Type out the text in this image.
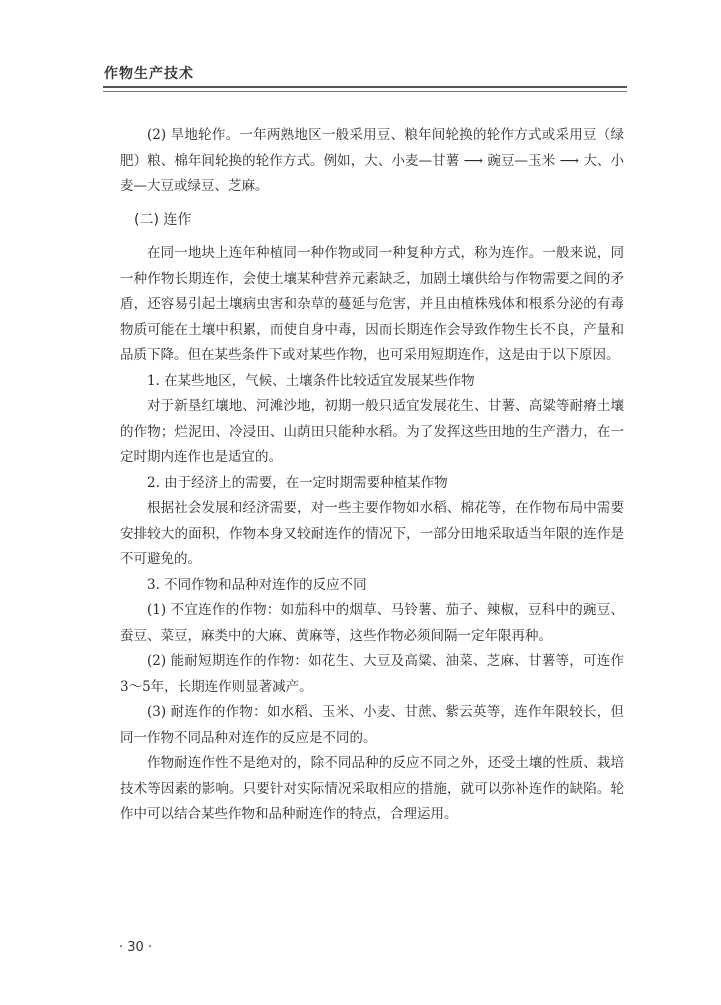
作物生产技术

(2) 旱地轮作。一年两熟地区一般采用豆、粮年间轮换的轮作方式或采用豆（绿肥）粮、棉年间轮换的轮作方式。例如，大、小麦—甘薯 ⟶ 豌豆—玉米 ⟶ 大、小麦—大豆或绿豆、芝麻。

(二) 连作

在同一地块上连年种植同一种作物或同一种复种方式，称为连作。一般来说，同一种作物长期连作，会使土壤某种营养元素缺乏，加剧土壤供给与作物需要之间的矛盾，还容易引起土壤病虫害和杂草的蔓延与危害，并且由植株残体和根系分泌的有毒物质可能在土壤中积累，而使自身中毒，因而长期连作会导致作物生长不良，产量和品质下降。但在某些条件下或对某些作物，也可采用短期连作，这是由于以下原因。

1. 在某些地区，气候、土壤条件比较适宜发展某些作物

对于新垦红壤地、河滩沙地，初期一般只适宜发展花生、甘薯、高粱等耐瘠土壤的作物；烂泥田、冷浸田、山荫田只能种水稻。为了发挥这些田地的生产潜力，在一定时期内连作也是适宜的。

2. 由于经济上的需要，在一定时期需要种植某作物

根据社会发展和经济需要，对一些主要作物如水稻、棉花等，在作物布局中需要安排较大的面积，作物本身又较耐连作的情况下，一部分田地采取适当年限的连作是不可避免的。

3. 不同作物和品种对连作的反应不同

(1) 不宜连作的作物：如茄科中的烟草、马铃薯、茄子、辣椒，豆科中的豌豆、蚕豆、菜豆，麻类中的大麻、黄麻等，这些作物必须间隔一定年限再种。

(2) 能耐短期连作的作物：如花生、大豆及高粱、油菜、芝麻、甘薯等，可连作3～5年，长期连作则显著减产。

(3) 耐连作的作物：如水稻、玉米、小麦、甘蔗、紫云英等，连作年限较长，但同一作物不同品种对连作的反应是不同的。

作物耐连作性不是绝对的，除不同品种的反应不同之外，还受土壤的性质、栽培技术等因素的影响。只要针对实际情况采取相应的措施，就可以弥补连作的缺陷。轮作中可以结合某些作物和品种耐连作的特点，合理运用。

· 30 ·
